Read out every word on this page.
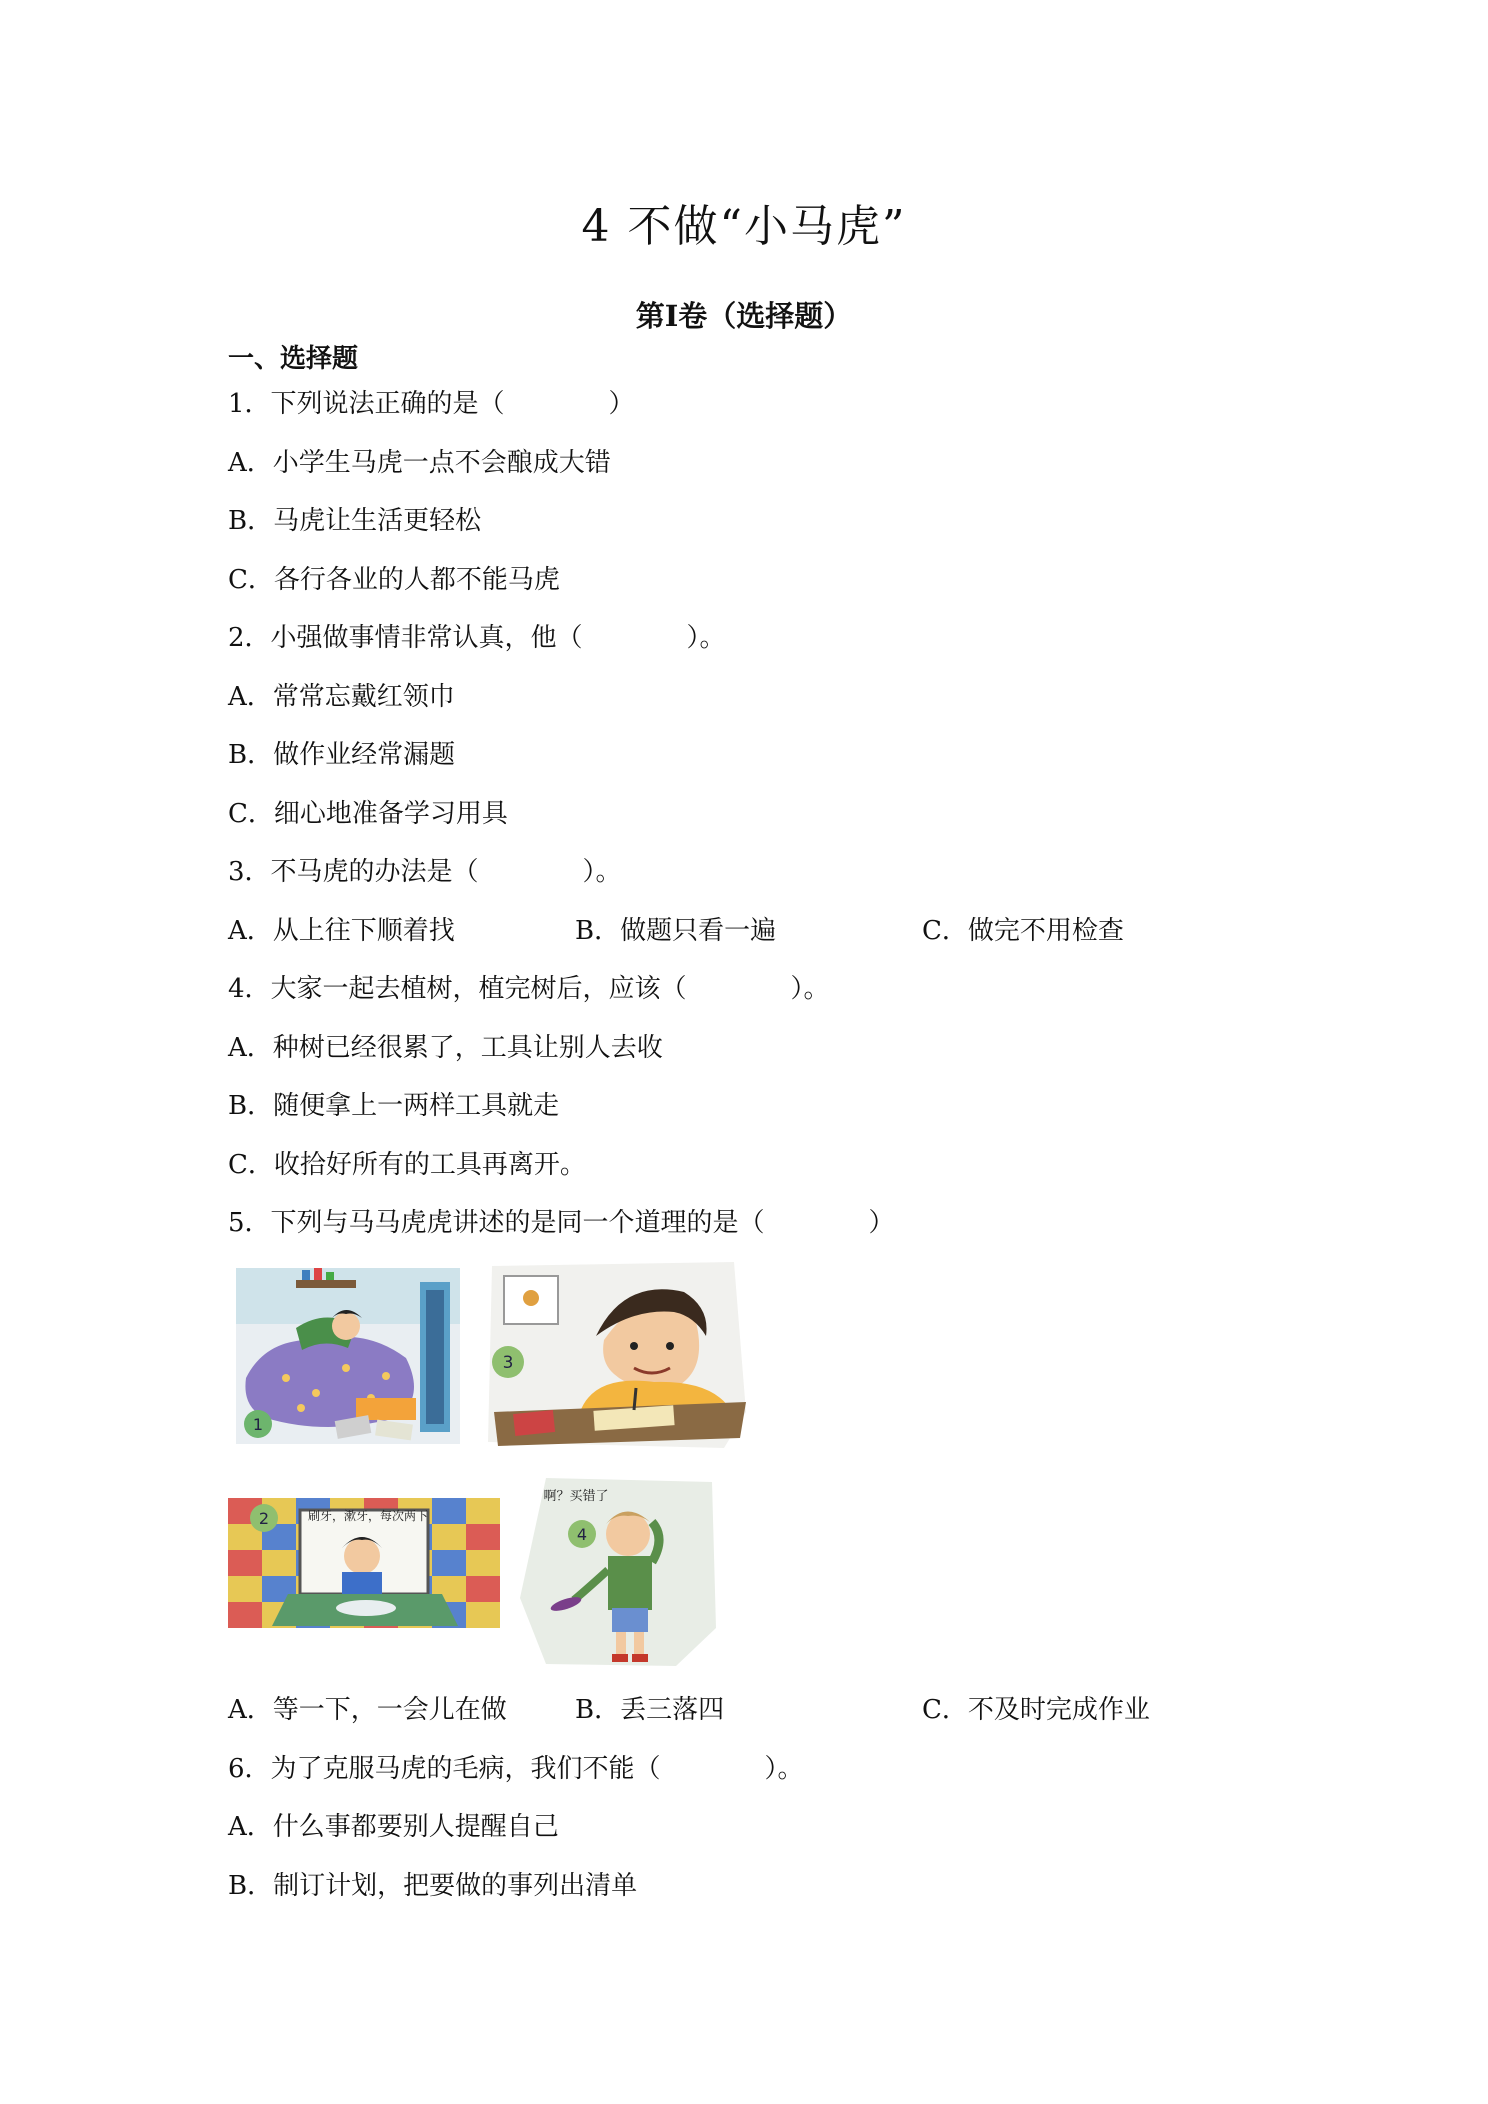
4 不做“小马虎”
第Ⅰ卷（选择题）
一、选择题
1．下列说法正确的是（　　　　）
A．小学生马虎一点不会酿成大错
B．马虎让生活更轻松
C．各行各业的人都不能马虎
2．小强做事情非常认真，他（　　　　）。
A．常常忘戴红领巾
B．做作业经常漏题
C．细心地准备学习用具
3．不马虎的办法是（　　　　）。
A．从上往下顺着找	B．做题只看一遍	C．做完不用检查
4．大家一起去植树，植完树后，应该（　　　　）。
A．种树已经很累了，工具让别人去收
B．随便拿上一两样工具就走
C．收拾好所有的工具再离开。
5．下列与马马虎虎讲述的是同一个道理的是（　　　　）
1
3
2	刷牙，漱牙，每次两下
4
啊？买错了
A．等一下，一会儿在做	B．丢三落四	C．不及时完成作业
6．为了克服马虎的毛病，我们不能（　　　　）。
A．什么事都要别人提醒自己
B．制订计划，把要做的事列出清单
